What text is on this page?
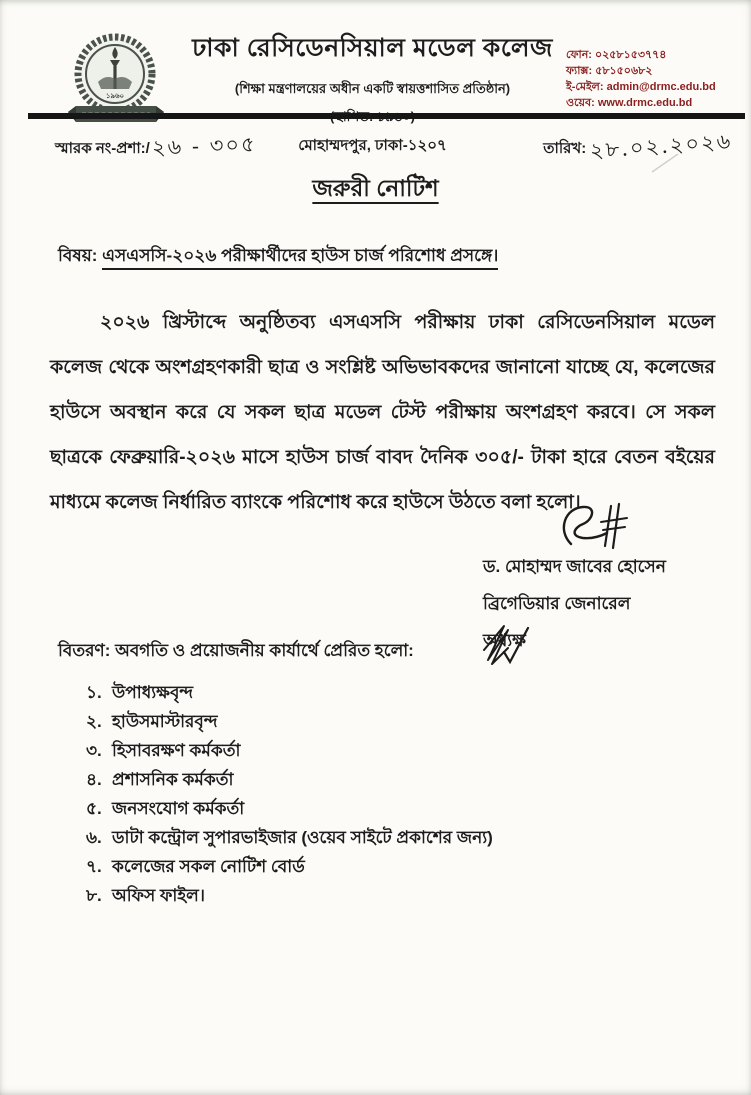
১৯৬০
ঢাকা রেসিডেনসিয়াল মডেল কলেজ
(শিক্ষা মন্ত্রণালয়ের অধীন একটি স্বায়ত্তশাসিত প্রতিষ্ঠান)
(স্থাপিত: ১৯৬০)
মোহাম্মদপুর, ঢাকা-১২০৭
ফোন: ০২৫৮১৫৩৭৭৪
ফ্যাক্স: ৫৮১৫০৬৮২
ই-মেইল: admin@drmc.edu.bd
ওয়েব: www.drmc.edu.bd
স্মারক নং-প্রশা:/২৬ - ৩০৫	তারিখ: ২৮.০২.২০২৬
জরুরী নোটিশ
বিষয়: এসএসসি-২০২৬ পরীক্ষার্থীদের হাউস চার্জ পরিশোধ প্রসঙ্গে।
২০২৬ খ্রিস্টাব্দে অনুষ্ঠিতব্য এসএসসি পরীক্ষায় ঢাকা রেসিডেনসিয়াল মডেল কলেজ থেকে অংশগ্রহণকারী ছাত্র ও সংশ্লিষ্ট অভিভাবকদের জানানো যাচ্ছে যে, কলেজের হাউসে অবস্থান করে যে সকল ছাত্র মডেল টেস্ট পরীক্ষায় অংশগ্রহণ করবে। সে সকল ছাত্রকে ফেব্রুয়ারি-২০২৬ মাসে হাউস চার্জ বাবদ দৈনিক ৩০৫/- টাকা হারে বেতন বইয়ের মাধ্যমে কলেজ নির্ধারিত ব্যাংকে পরিশোধ করে হাউসে উঠতে বলা হলো।
ড. মোহাম্মদ জাবের হোসেন
ব্রিগেডিয়ার জেনারেল
অধ্যক্ষ
বিতরণ: অবগতি ও প্রয়োজনীয় কার্যার্থে প্রেরিত হলো:
১. উপাধ্যক্ষবৃন্দ
২. হাউসমাস্টারবৃন্দ
৩. হিসাবরক্ষণ কর্মকর্তা
৪. প্রশাসনিক কর্মকর্তা
৫. জনসংযোগ কর্মকর্তা
৬. ডাটা কন্ট্রোল সুপারভাইজার (ওয়েব সাইটে প্রকাশের জন্য)
৭. কলেজের সকল নোটিশ বোর্ড
৮. অফিস ফাইল।
